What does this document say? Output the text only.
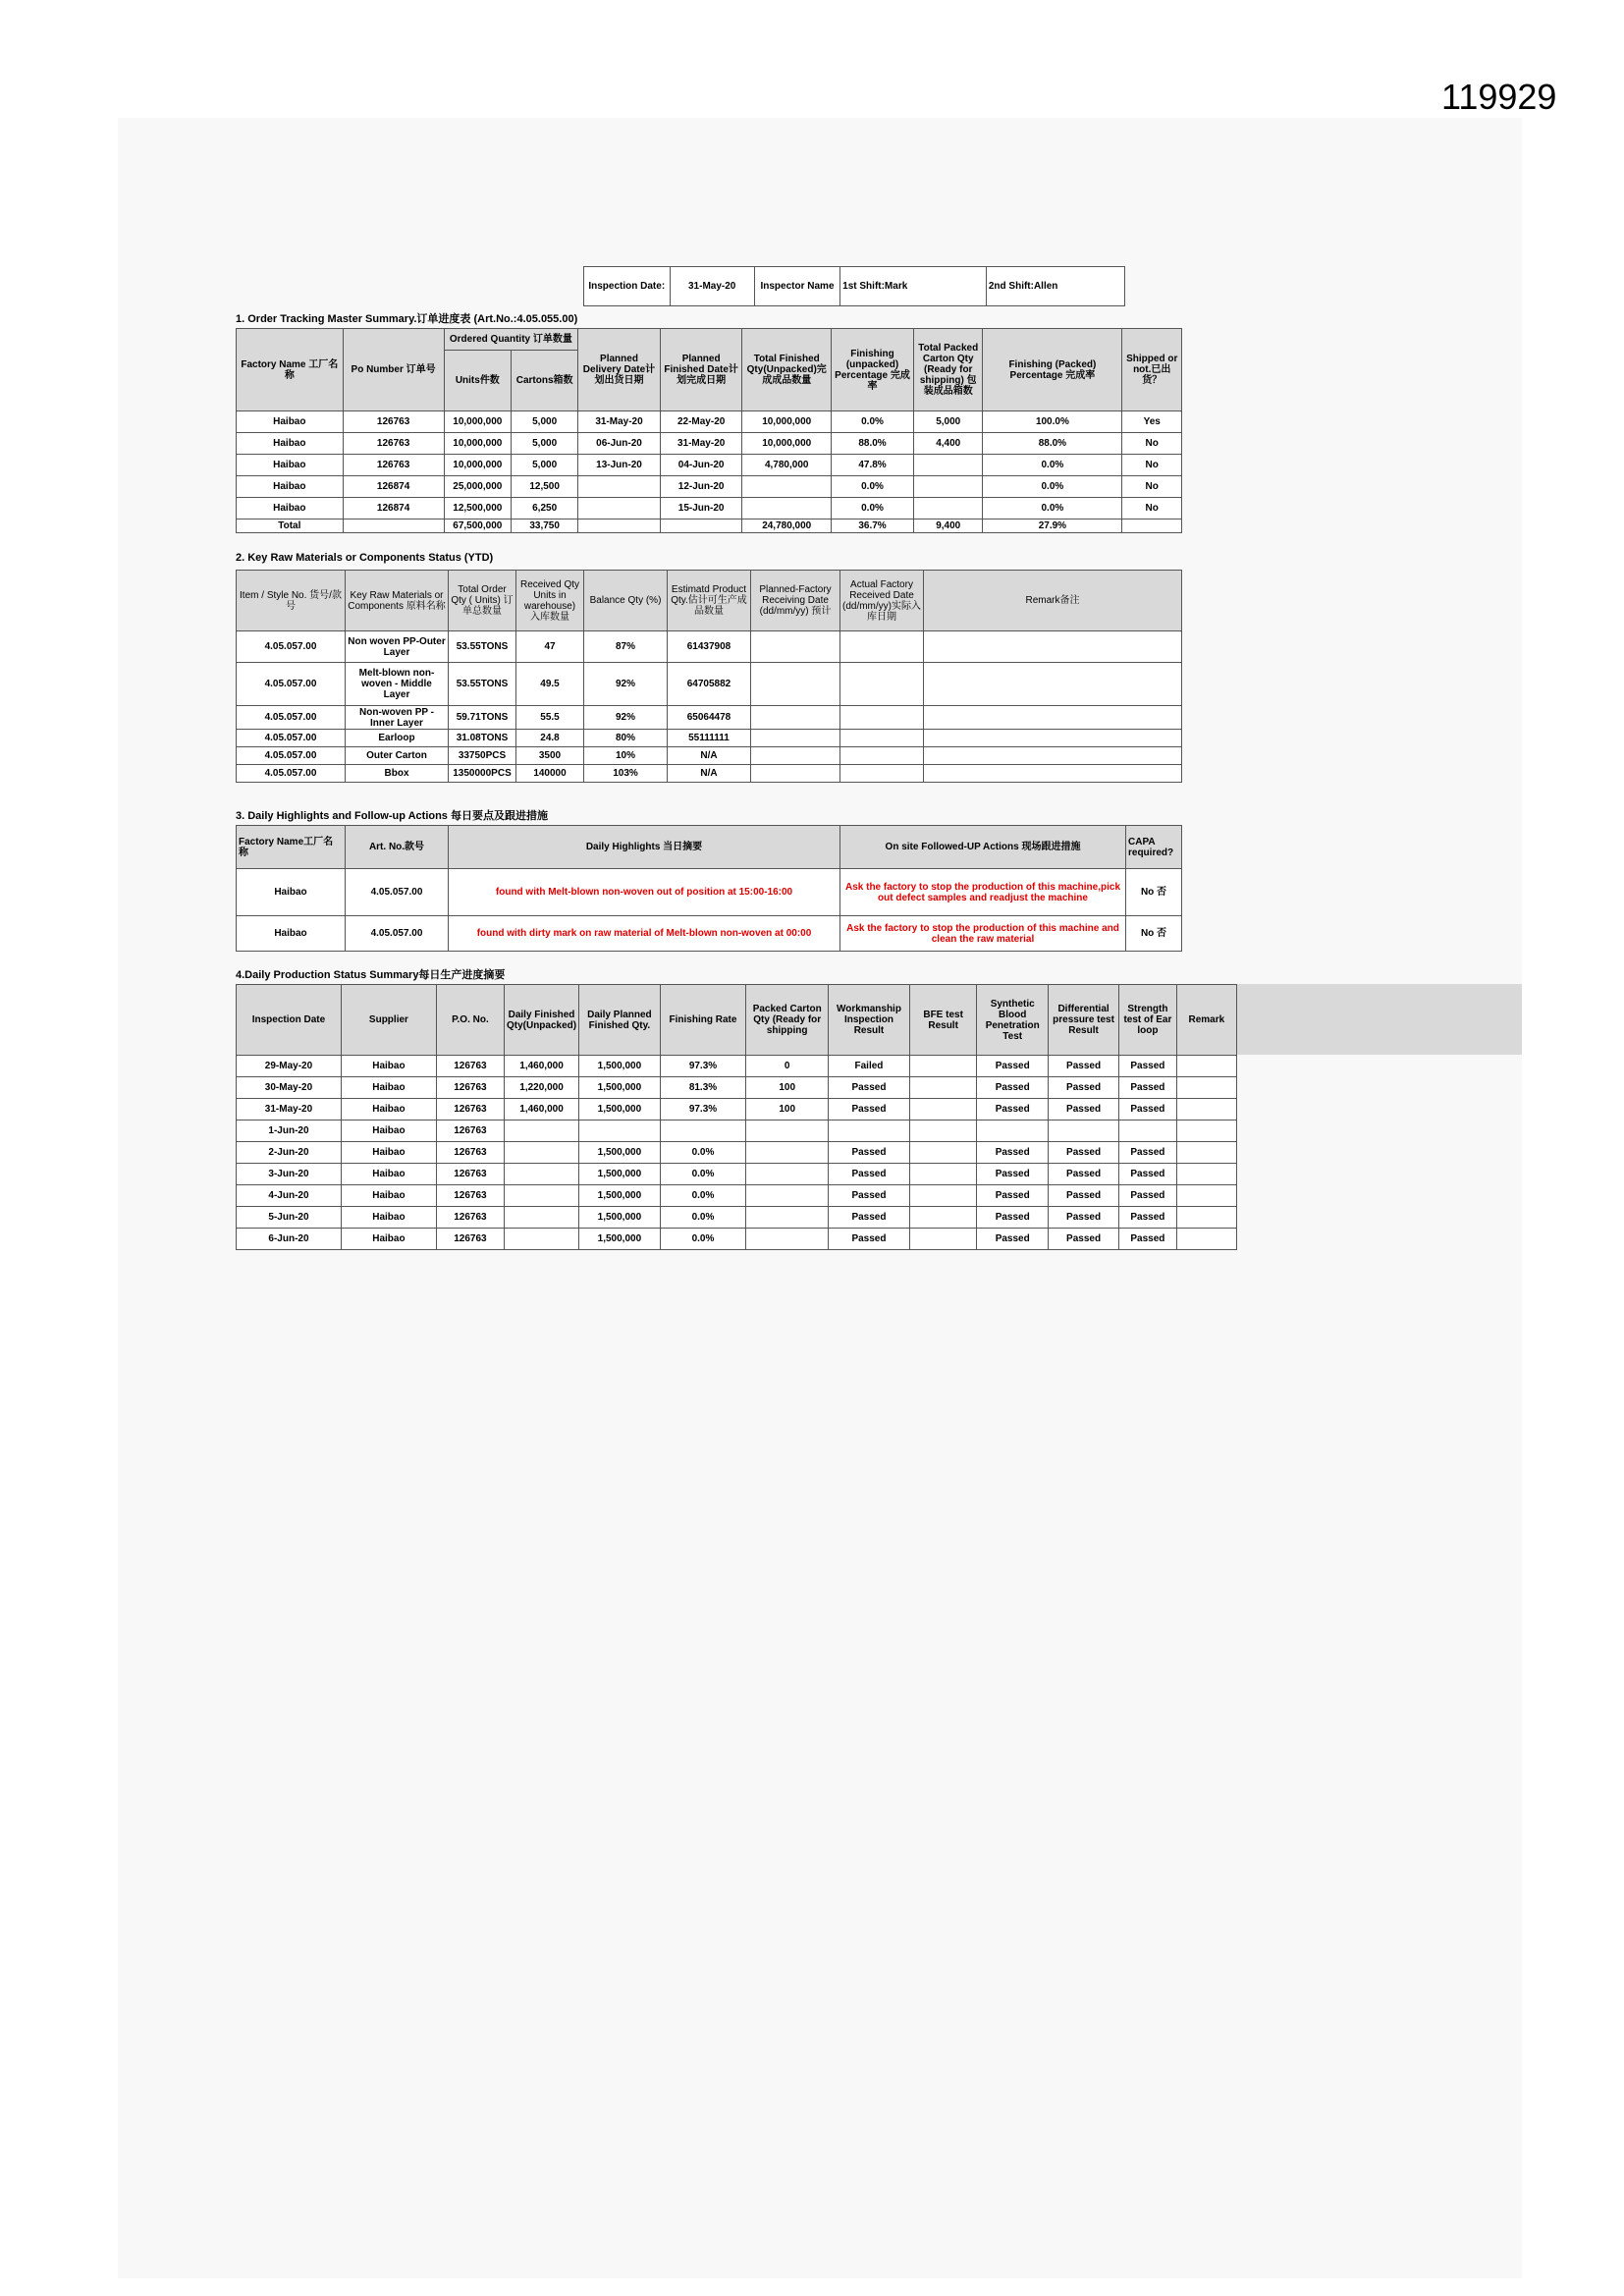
119929
Inspection Date:	31-May-20	Inspector Name	1st Shift:Mark	2nd Shift:Allen
1. Order Tracking Master Summary.订单进度表 (Art.No.:4.05.055.00)
Factory Name 工厂名称	Po Number 订单号	Ordered Quantity 订单数量		Planned Delivery Date计划出货日期	Planned Finished Date计划完成日期	Total Finished Qty(Unpacked)完成成品数量	Finishing (unpacked) Percentage 完成率	Total Packed Carton Qty (Ready for shipping) 包装成品箱数	Finishing (Packed) Percentage 完成率	Shipped or not.已出货？
		Units件数	Cartons箱数							
Haibao	126763	10,000,000	5,000	31-May-20	22-May-20	10,000,000	0.0%	5,000	100.0%	Yes
Haibao	126763	10,000,000	5,000	06-Jun-20	31-May-20	10,000,000	88.0%	4,400	88.0%	No
Haibao	126763	10,000,000	5,000	13-Jun-20	04-Jun-20	4,780,000	47.8%		0.0%	No
Haibao	126874	25,000,000	12,500		12-Jun-20		0.0%		0.0%	No
Haibao	126874	12,500,000	6,250		15-Jun-20		0.0%		0.0%	No
Total		67,500,000	33,750			24,780,000	36.7%	9,400	27.9%	
2. Key Raw Materials or Components Status (YTD)
Item / Style No. 货号/款号	Key Raw Materials or Components 原料名称	Total Order Qty ( Units) 订单总数量	Received Qty Units in warehouse) 入库数量	Balance Qty (%)	Estimatd Product Qty.估计可生产成品数量	Planned-Factory Receiving Date (dd/mm/yy) 预计	Actual Factory Received Date (dd/mm/yy)实际入库日期	Remark备注
4.05.057.00	Non woven PP-Outer Layer	53.55TONS	47	87%	61437908			
4.05.057.00	Melt-blown non-woven - Middle Layer	53.55TONS	49.5	92%	64705882			
4.05.057.00	Non-woven PP -Inner Layer	59.71TONS	55.5	92%	65064478			
4.05.057.00	Earloop	31.08TONS	24.8	80%	55111111			
4.05.057.00	Outer Carton	33750PCS	3500	10%	N/A			
4.05.057.00	Bbox	1350000PCS	140000	103%	N/A			
3. Daily Highlights and Follow-up Actions 每日要点及跟进措施
Factory Name工厂名称	Art. No.款号	Daily Highlights 当日摘要	On site Followed-UP Actions 现场跟进措施	CAPA required?
Haibao	4.05.057.00	found with Melt-blown non-woven out of position at 15:00-16:00	Ask the factory to stop the production of this machine,pick out defect samples and readjust the machine	No 否
Haibao	4.05.057.00	found with dirty mark on raw material of Melt-blown non-woven at 00:00	Ask the factory to stop the production of this machine and clean the raw material	No 否
4.Daily Production Status Summary每日生产进度摘要
Inspection Date	Supplier	P.O. No.	Daily Finished Qty(Unpacked)	Daily Planned Finished Qty.	Finishing Rate	Packed Carton Qty (Ready for shipping	Workmanship Inspection Result	BFE test Result	Synthetic Blood Penetration Test	Differential pressure test Result	Strength test of Ear loop	Remark
29-May-20	Haibao	126763	1,460,000	1,500,000	97.3%	0	Failed		Passed	Passed	Passed	
30-May-20	Haibao	126763	1,220,000	1,500,000	81.3%	100	Passed		Passed	Passed	Passed	
31-May-20	Haibao	126763	1,460,000	1,500,000	97.3%	100	Passed		Passed	Passed	Passed	
1-Jun-20	Haibao	126763										
2-Jun-20	Haibao	126763		1,500,000	0.0%		Passed		Passed	Passed	Passed	
3-Jun-20	Haibao	126763		1,500,000	0.0%		Passed		Passed	Passed	Passed	
4-Jun-20	Haibao	126763		1,500,000	0.0%		Passed		Passed	Passed	Passed	
5-Jun-20	Haibao	126763		1,500,000	0.0%		Passed		Passed	Passed	Passed	
6-Jun-20	Haibao	126763		1,500,000	0.0%		Passed		Passed	Passed	Passed	
